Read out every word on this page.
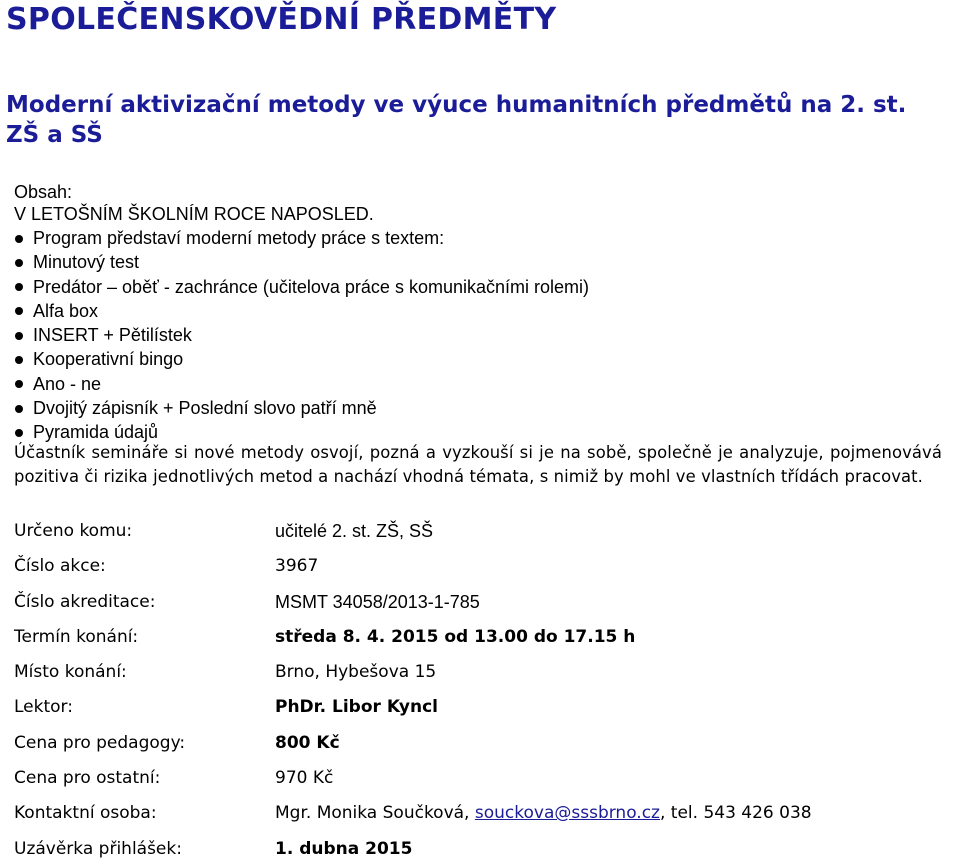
SPOLEČENSKOVĚDNÍ PŘEDMĚTY
Moderní aktivizační metody ve výuce humanitních předmětů na 2. st.
ZŠ a SŠ
Obsah:
V LETOŠNÍM ŠKOLNÍM ROCE NAPOSLED.
Program představí moderní metody práce s textem:
Minutový test
Predátor – oběť - zachránce (učitelova práce s komunikačními rolemi)
Alfa box
INSERT + Pětilístek
Kooperativní bingo
Ano - ne
Dvojitý zápisník + Poslední slovo patří mně
Pyramida údajů
Účastník semináře si nové metody osvojí, pozná a vyzkouší si je na sobě, společně je analyzuje, pojmenovává pozitiva či rizika jednotlivých metod a nachází vhodná témata, s nimiž by mohl ve vlastních třídách pracovat.
Určeno komu:	učitelé 2. st. ZŠ, SŠ
Číslo akce:	3967
Číslo akreditace:	MSMT 34058/2013-1-785
Termín konání:	středa 8. 4. 2015 od 13.00 do 17.15 h
Místo konání:	Brno, Hybešova 15
Lektor:	PhDr. Libor Kyncl
Cena pro pedagogy:	800 Kč
Cena pro ostatní:	970 Kč
Kontaktní osoba:	Mgr. Monika Součková, souckova@sssbrno.cz, tel. 543 426 038
Uzávěrka přihlášek:	1. dubna 2015
